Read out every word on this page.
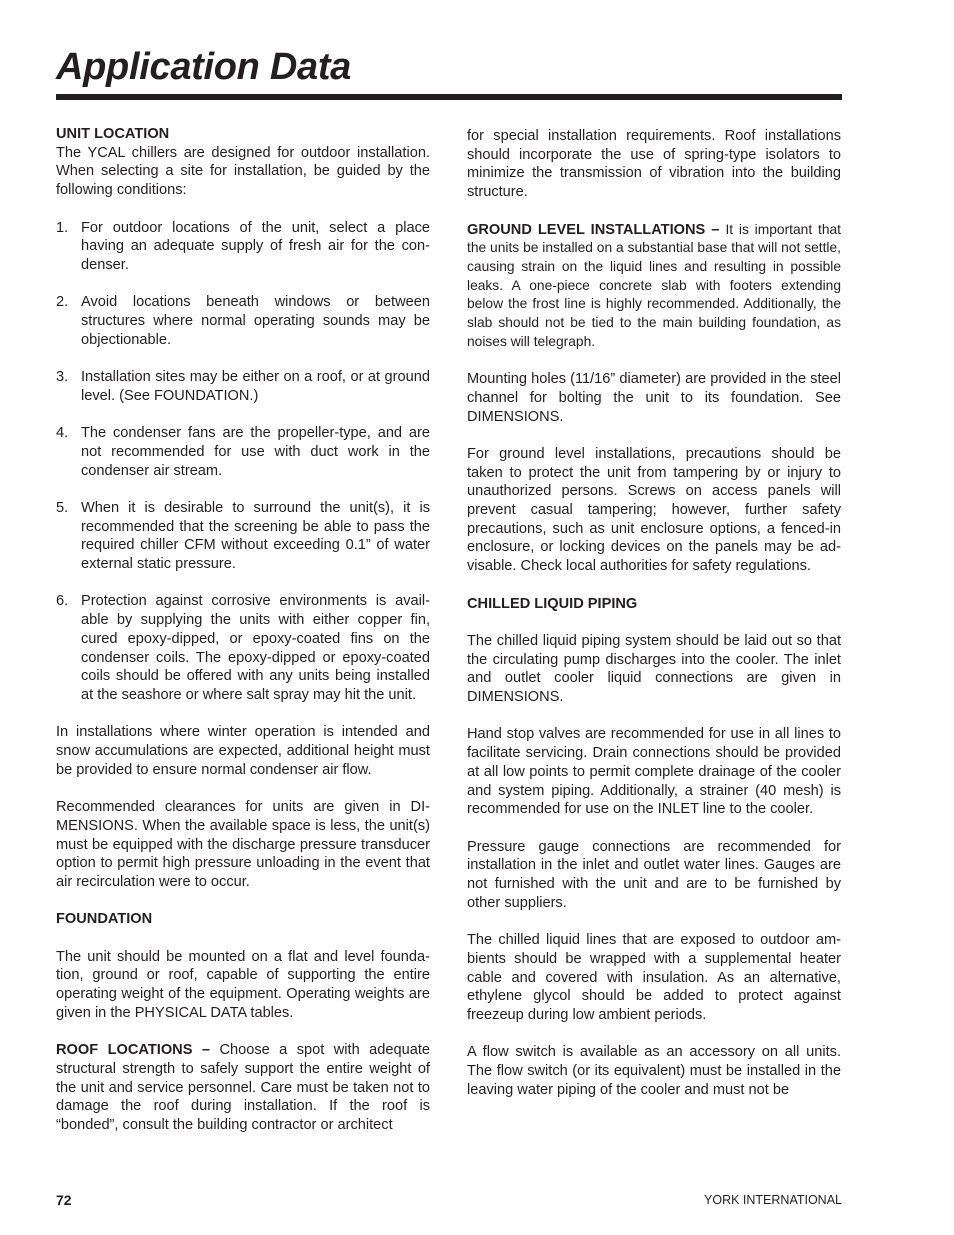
Application Data
UNIT LOCATION

The YCAL chillers are designed for outdoor installation. When selecting a site for installation, be guided by the following conditions:

1. For outdoor locations of the unit, select a place having an adequate supply of fresh air for the con-denser.
2. Avoid locations beneath windows or between structures where normal operating sounds may be objectionable.
3. Installation sites may be either on a roof, or at ground level. (See FOUNDATION.)
4. The condenser fans are the propeller-type, and are not recommended for use with duct work in the condenser air stream.
5. When it is desirable to surround the unit(s), it is recommended that the screening be able to pass the required chiller CFM without exceeding 0.1” of water external static pressure.
6. Protection against corrosive environments is avail-able by supplying the units with either copper fin, cured epoxy-dipped, or epoxy-coated fins on the condenser coils. The epoxy-dipped or epoxy-coated coils should be offered with any units being installed at the seashore or where salt spray may hit the unit.

In installations where winter operation is intended and snow accumulations are expected, additional height must be provided to ensure normal condenser air flow.

Recommended clearances for units are given in DI-MENSIONS. When the available space is less, the unit(s) must be equipped with the discharge pressure transducer option to permit high pressure unloading in the event that air recirculation were to occur.

FOUNDATION

The unit should be mounted on a flat and level founda-tion, ground or roof, capable of supporting the entire operating weight of the equipment. Operating weights are given in the PHYSICAL DATA tables.

ROOF LOCATIONS – Choose a spot with adequate structural strength to safely support the entire weight of the unit and service personnel. Care must be taken not to damage the roof during installation. If the roof is “bonded”, consult the building contractor or architect

for special installation requirements. Roof installations should incorporate the use of spring-type isolators to minimize the transmission of vibration into the building structure.

GROUND LEVEL INSTALLATIONS – It is important that the units be installed on a substantial base that will not settle, causing strain on the liquid lines and resulting in possible leaks. A one-piece concrete slab with footers extending below the frost line is highly recommended. Additionally, the slab should not be tied to the main building foundation, as noises will telegraph.

Mounting holes (11/16” diameter) are provided in the steel channel for bolting the unit to its foundation. See DIMENSIONS.

For ground level installations, precautions should be taken to protect the unit from tampering by or injury to unauthorized persons. Screws on access panels will prevent casual tampering; however, further safety precautions, such as unit enclosure options, a fenced-in enclosure, or locking devices on the panels may be ad-visable. Check local authorities for safety regulations.

CHILLED LIQUID PIPING

The chilled liquid piping system should be laid out so that the circulating pump discharges into the cooler. The inlet and outlet cooler liquid connections are given in DIMENSIONS.

Hand stop valves are recommended for use in all lines to facilitate servicing. Drain connections should be provided at all low points to permit complete drainage of the cooler and system piping. Additionally, a strainer (40 mesh) is recommended for use on the INLET line to the cooler.

Pressure gauge connections are recommended for installation in the inlet and outlet water lines. Gauges are not furnished with the unit and are to be furnished by other suppliers.

The chilled liquid lines that are exposed to outdoor am-bients should be wrapped with a supplemental heater cable and covered with insulation. As an alternative, ethylene glycol should be added to protect against freezeup during low ambient periods.

A flow switch is available as an accessory on all units. The flow switch (or its equivalent) must be installed in the leaving water piping of the cooler and must not be

72	YORK INTERNATIONAL
